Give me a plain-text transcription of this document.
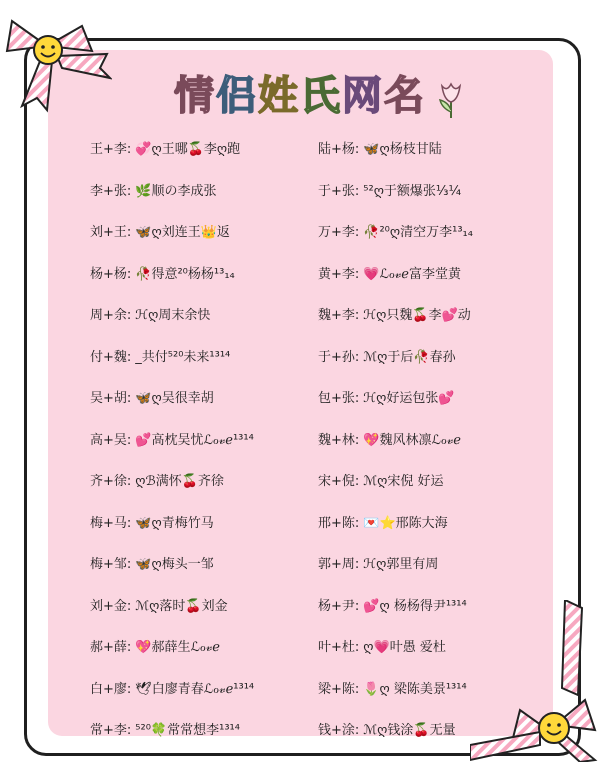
情侣姓氏网名
王+李: 💞ღ王哪🍒李ღ跑
李+张: 🌿顺の李成张
刘+王: 🦋ღ刘连王👑返
杨+杨: 🥀得意²⁰杨杨¹³₁₄
周+余: ℋღ周末余快
付+魏: _共付⁵²⁰未来¹³¹⁴
吴+胡: 🦋ღ吴很幸胡
高+吴: 💕高枕吴忧ℒℴ𝓋ℯ¹³¹⁴
齐+徐: ღℬ满怀🍒齐徐
梅+马: 🦋ღ青梅竹马
梅+邹: 🦋ღ梅头一邹
刘+金: ℳღ落时🍒刘金
郝+薛: 💖郝薛生ℒℴ𝓋ℯ
白+廖: 🕊白廖青春ℒℴ𝓋ℯ¹³¹⁴
常+李: ⁵²⁰🍀常常想李¹³¹⁴
陆+杨: 🦋ღ杨枝甘陆
于+张: ⁵²ღ于额爆张⅓¼
万+李: 🥀²⁰ღ清空万李¹³₁₄
黄+李: 💗ℒℴ𝓋ℯ富李堂黄
魏+李: ℋღ只魏🍒李💕动
于+孙: ℳღ于后🥀春孙
包+张: ℋღ好运包张💕
魏+林: 💖魏风林凛ℒℴ𝓋ℯ
宋+倪: ℳღ宋倪 好运
邢+陈: 💌⭐邢陈大海
郭+周: ℋღ郭里有周
杨+尹: 💕ღ 杨杨得尹¹³¹⁴
叶+杜: ღ💗叶愚 爱杜
梁+陈: 🌷ღ 梁陈美景¹³¹⁴
钱+涂: ℳღ钱涂🍒无量
